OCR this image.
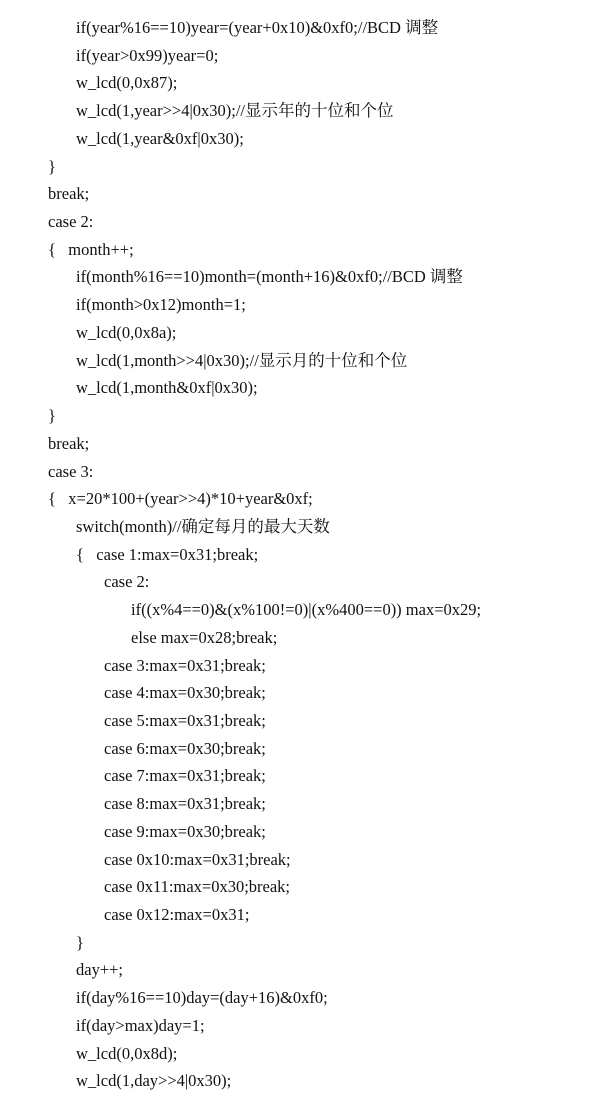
if(year%16==10)year=(year+0x10)&0xf0;//BCD 调整
if(year>0x99)year=0;
w_lcd(0,0x87);
w_lcd(1,year>>4|0x30);//显示年的十位和个位
w_lcd(1,year&0xf|0x30);
}
break;
case 2:
{   month++;
if(month%16==10)month=(month+16)&0xf0;//BCD 调整
if(month>0x12)month=1;
w_lcd(0,0x8a);
w_lcd(1,month>>4|0x30);//显示月的十位和个位
w_lcd(1,month&0xf|0x30);
}
break;
case 3:
{   x=20*100+(year>>4)*10+year&0xf;
switch(month)//确定每月的最大天数
{   case 1:max=0x31;break;
case 2:
if((x%4==0)&(x%100!=0)|(x%400==0)) max=0x29;
else max=0x28;break;
case 3:max=0x31;break;
case 4:max=0x30;break;
case 5:max=0x31;break;
case 6:max=0x30;break;
case 7:max=0x31;break;
case 8:max=0x31;break;
case 9:max=0x30;break;
case 0x10:max=0x31;break;
case 0x11:max=0x30;break;
case 0x12:max=0x31;
}
day++;
if(day%16==10)day=(day+16)&0xf0;
if(day>max)day=1;
w_lcd(0,0x8d);
w_lcd(1,day>>4|0x30);
